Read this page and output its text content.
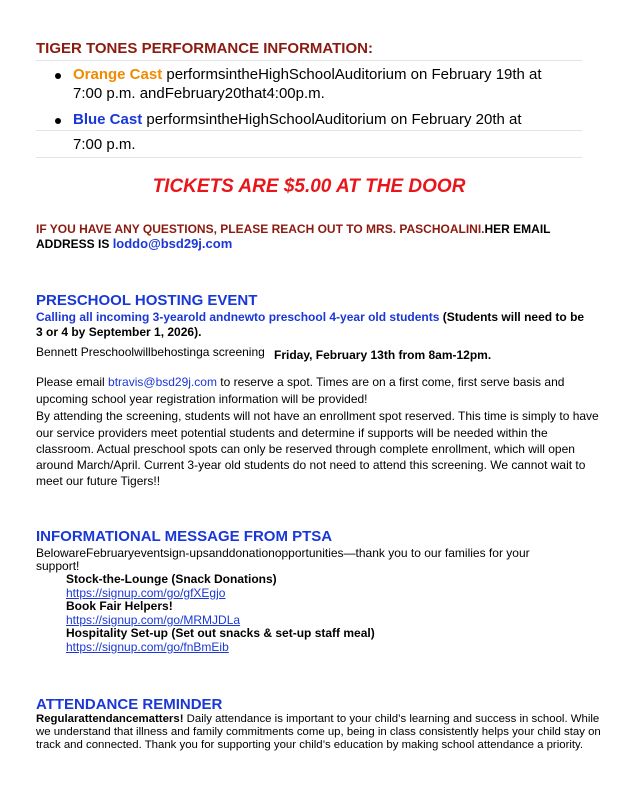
TIGER TONES PERFORMANCE INFORMATION:
Orange Cast performsintheHighSchoolAuditorium on February 19th at
7:00 p.m. andFebruary20that4:00p.m.
Blue Cast performsintheHighSchoolAuditorium on February 20th at
7:00 p.m.
TICKETS ARE $5.00 AT THE DOOR
IF YOU HAVE ANY QUESTIONS, PLEASE REACH OUT TO MRS. PASCHOALINI.HER EMAIL
ADDRESS IS loddo@bsd29j.com
PRESCHOOL HOSTING EVENT
Calling all incoming 3-yearold andnewto preschool 4-year old students (Students will need to be
3 or 4 by September 1, 2026).
Bennett Preschoolwillbehostinga screening Friday, February 13th from 8am-12pm.
Please email btravis@bsd29j.com to reserve a spot. Times are on a first come, first serve basis and
upcoming school year registration information will be provided!
By attending the screening, students will not have an enrollment spot reserved. This time is simply to have
our service providers meet potential students and determine if supports will be needed within the
classroom. Actual preschool spots can only be reserved through complete enrollment, which will open
around March/April. Current 3-year old students do not need to attend this screening. We cannot wait to
meet our future Tigers!!
INFORMATIONAL MESSAGE FROM PTSA
BelowareFebruaryeventsign-upsanddonationopportunities—thank you to our families for your
support!
Stock-the-Lounge (Snack Donations)
https://signup.com/go/gfXEgjo
Book Fair Helpers!
https://signup.com/go/MRMJDLa
Hospitality Set-up (Set out snacks & set-up staff meal)
https://signup.com/go/fnBmEib
ATTENDANCE REMINDER
Regularattendancematters! Daily attendance is important to your child’s learning and success in school. While
we understand that illness and family commitments come up, being in class consistently helps your child stay on
track and connected. Thank you for supporting your child’s education by making school attendance a priority.
